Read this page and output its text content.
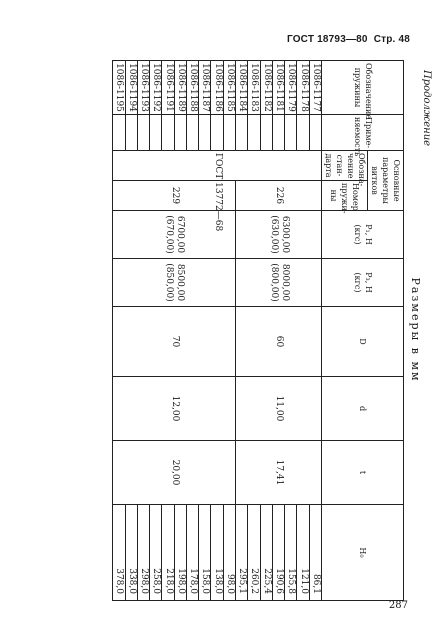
ГОСТ 18793—80 Стр. 48
Продолжение
Размеры в мм
Обозначение пружины	Приме-няемость	Основные параметры витков		P₁, Н (кгс)	P₃, Н (кгс)	D	d	t	H₀
		Обозна-чение стан-дарта	Номер пружи-ны						
1086-1177		ГОСТ 13772—68	226	6300,00 (630,00)	8000,00 (800,00)	60	11,00	17,41	86,1
1086-1178									121,0
1086-1179									155,8
1086-1181									190,6
1086-1182									225,4
1086-1183									260,2
1086-1184									295,1
1086-1185			229	6700,00 (670,00)	8500,00 (850,00)	70	12,00	20,00	98,0
1086-1186									138,0
1086-1187									158,0
1086-1188									178,0
1086-1189									198,0
1086-1191									218,0
1086-1192									258,0
1086-1193									298,0
1086-1194									338,0
1086-1195									378,0
287
